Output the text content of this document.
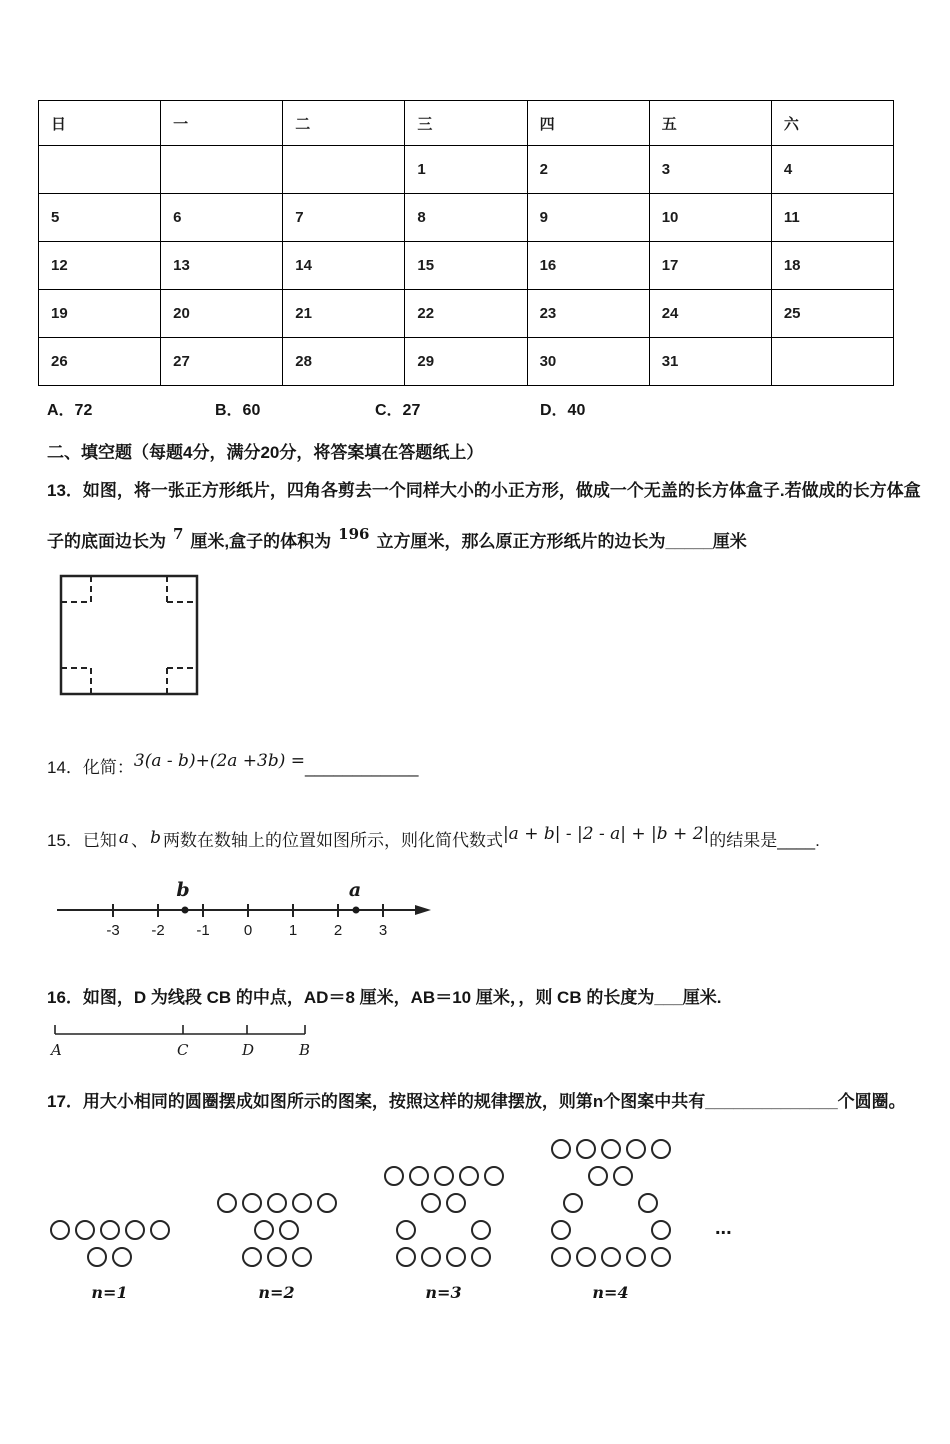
日	一	二	三	四	五	六
			1	2	3	4
5	6	7	8	9	10	11
12	13	14	15	16	17	18
19	20	21	22	23	24	25
26	27	28	29	30	31	
A．72	B．60	C．27	D．40
二、填空题（每题4分，满分20分，将答案填在答题纸上）
13．如图，将一张正方形纸片，四角各剪去一个同样大小的小正方形，做成一个无盖的长方体盒子.若做成的长方体盒
子的底面边长为 7 厘米,盒子的体积为 196 立方厘米，那么原正方形纸片的边长为_____厘米
14．化简：3(a - b)+(2a +3b) =____________
15．已知 a 、 b 两数在数轴上的位置如图所示，则化简代数式|a + b| - |2 - a| + |b + 2|的结果是____.
-3 -2 -1 0 1 2 3
b	a
16．如图，D 为线段 CB 的中点，AD＝8 厘米，AB＝10 厘米，，则 CB 的长度为___厘米.
A	C	D	B
17．用大小相同的圆圈摆成如图所示的图案，按照这样的规律摆放，则第n个图案中共有______________个圆圈。
n=1	n=2	n=3	n=4
...
